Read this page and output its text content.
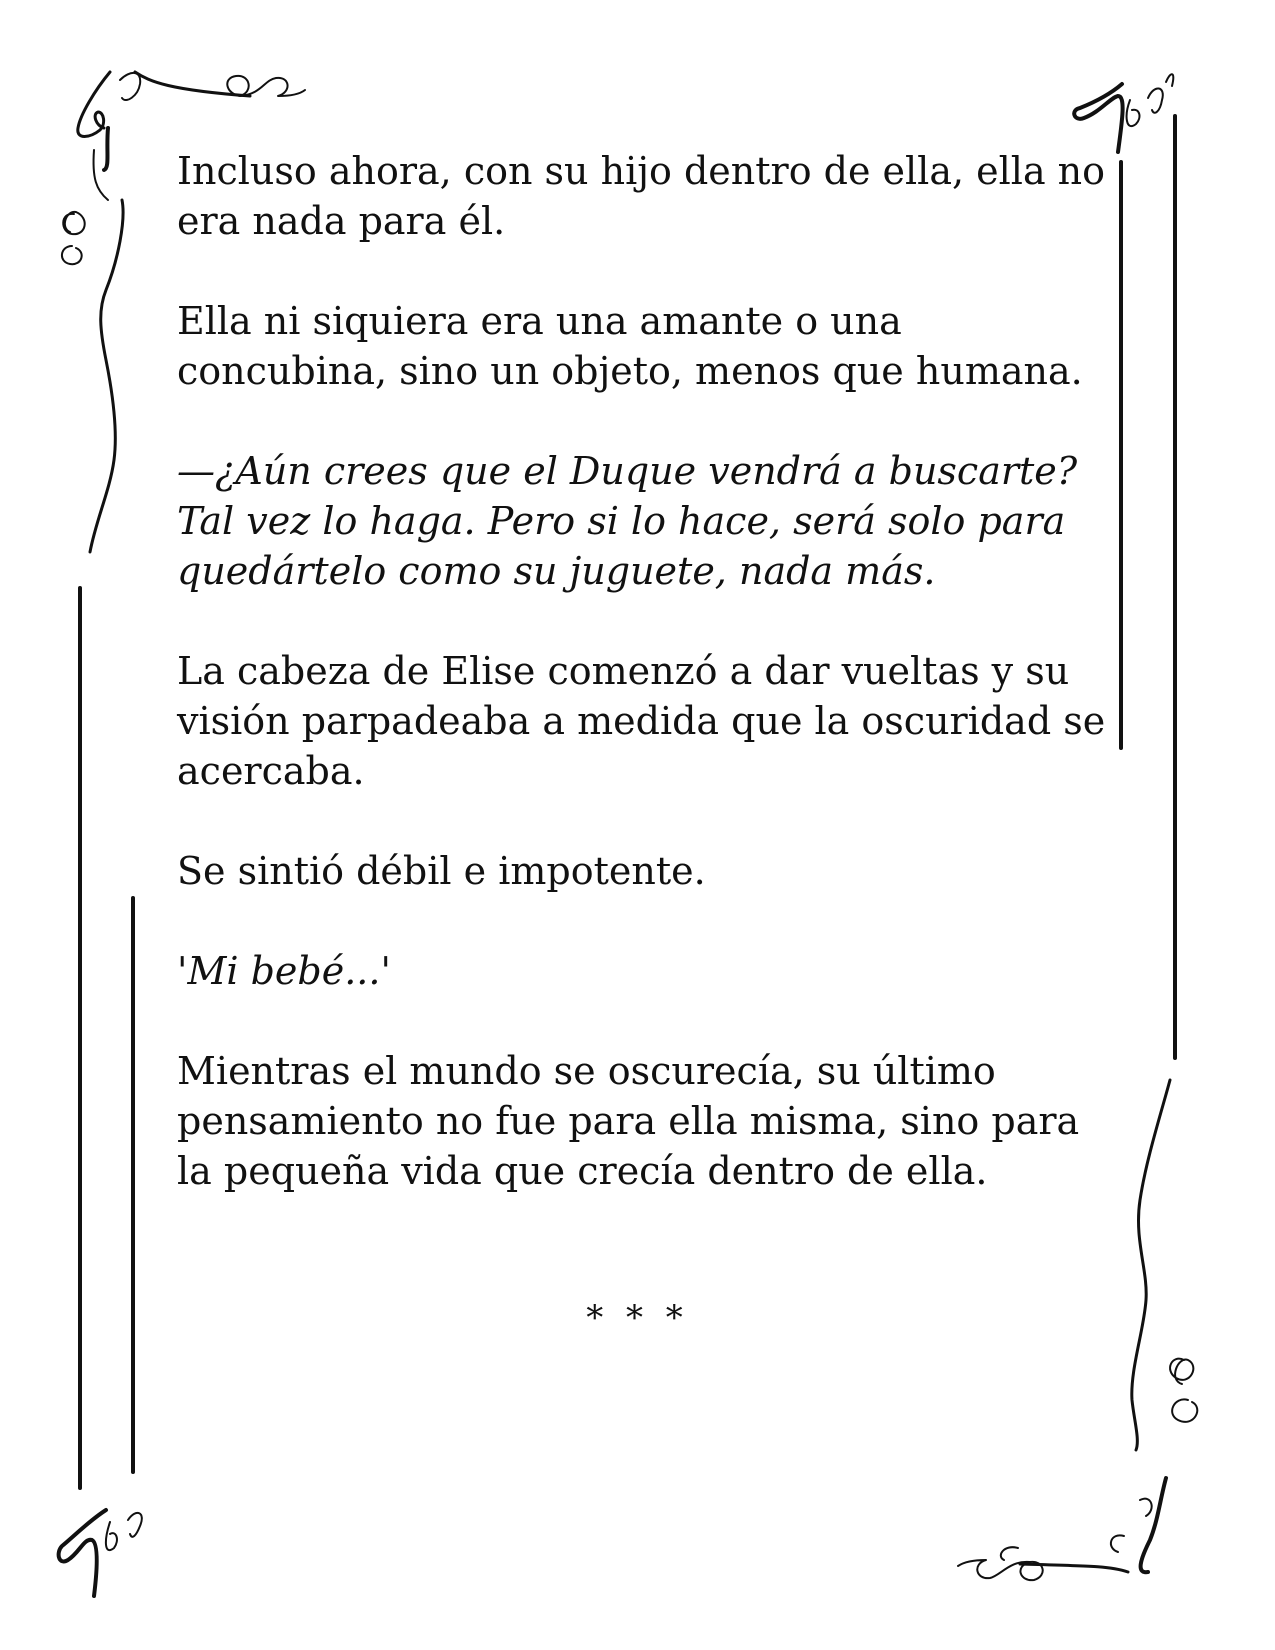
Incluso ahora, con su hijo dentro de ella, ella no
era nada para él.

Ella ni siquiera era una amante o una
concubina, sino un objeto, menos que humana.

—¿Aún crees que el Duque vendrá a buscarte?
Tal vez lo haga. Pero si lo hace, será solo para
quedártelo como su juguete, nada más.

La cabeza de Elise comenzó a dar vueltas y su
visión parpadeaba a medida que la oscuridad se
acercaba.

Se sintió débil e impotente.

'Mi bebé...'

Mientras el mundo se oscurecía, su último
pensamiento no fue para ella misma, sino para
la pequeña vida que crecía dentro de ella.

* * *
